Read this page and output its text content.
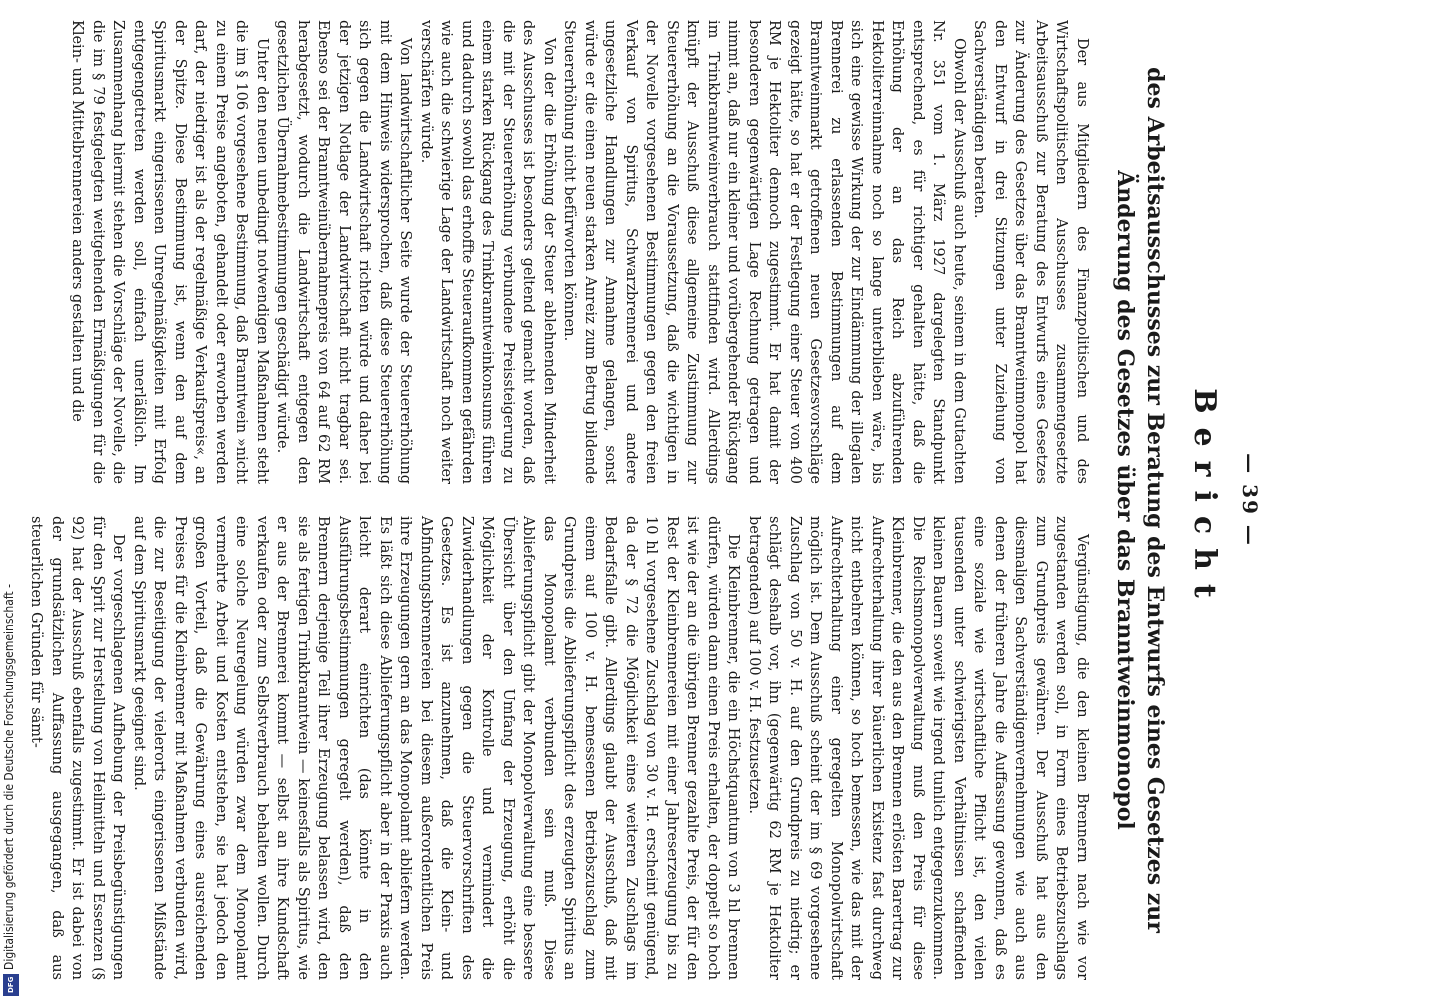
Digitalisierung gefördert durch die Deutsche Forschungsgemeinschaft -
DFG
— 39 —
Bericht
des Arbeitsausschusses zur Beratung des Entwurfs eines Gesetzes zur Änderung des Gesetzes über das Branntweinmonopol

Der aus Mitgliedern des Finanzpolitischen und des Wirtschaftspolitischen Ausschusses zusammengesetzte Arbeitsausschuß zur Beratung des Entwurfs eines Gesetzes zur Änderung des Gesetzes über das Branntweinmonopol hat den Entwurf in drei Sitzungen unter Zuziehung von Sachverständigen beraten.

Obwohl der Ausschuß auch heute, seinem in dem Gutachten Nr. 351 vom 1. März 1927 dargelegten Standpunkt entsprechend, es für richtiger gehalten hätte, daß die Erhöhung der an das Reich abzuführenden Hektoliterreinnahme noch so lange unterblieben wäre, bis sich eine gewisse Wirkung der zur Eindämmung der illegalen Brennerei zu erlassenden Bestimmungen auf dem Branntweinmarkt getroffenen neuen Gesetzesvorschläge gezeigt hätte, so hat er der Festlegung einer Steuer von 400 RM je Hektoliter dennoch zugestimmt. Er hat damit der besonderen gegenwärtigen Lage Rechnung getragen und nimmt an, daß nur ein kleiner und vorübergehender Rückgang im Trinkbranntweinverbrauch stattfinden wird. Allerdings knüpft der Ausschuß diese allgemeine Zustimmung zur Steuererhöhung an die Voraussetzung, daß die wichtigen in der Novelle vorgesehenen Bestimmungen gegen den freien Verkauf von Spiritus, Schwarzbrennerei und andere ungesetzliche Handlungen zur Annahme gelangen, sonst würde er die einen neuen starken Anreiz zum Betrug bildende Steuererhöhung nicht befürworten können.

Von der die Erhöhung der Steuer ablehnenden Minderheit des Ausschusses ist besonders geltend gemacht worden, daß die mit der Steuererhöhung verbundene Preissteigerung zu einem starken Rückgang des Trinkbranntweinkonsums führen und dadurch sowohl das erhoffte Steueraufkommen gefährden wie auch die schwierige Lage der Landwirtschaft noch weiter verschärfen würde.

Von landwirtschaftlicher Seite wurde der Steuererhöhung mit dem Hinweis widersprochen, daß diese Steuererhöhung sich gegen die Landwirtschaft richten würde und daher bei der jetzigen Notlage der Landwirtschaft nicht tragbar sei. Ebenso sei der Branntweinübernahmepreis von 64 auf 62 RM herabgesetzt, wodurch die Landwirtschaft entgegen den gesetzlichen Übernahmebestimmungen geschädigt würde.

Unter den neuen unbedingt notwendigen Maßnahmen steht die im § 106 vorgesehene Bestimmung, daß Branntwein »nicht zu einem Preise angeboten, gehandelt oder erworben werden darf, der niedriger ist als der regelmäßige Verkaufspreis«, an der Spitze. Diese Bestimmung ist, wenn den auf dem Spiritusmarkt eingerissenen Unregelmäßigkeiten mit Erfolg entgegengetreten werden soll, einfach unerläßlich. Im Zusammenhang hiermit stehen die Vorschläge der Novelle, die die im § 79 festgelegten weitgehenden Ermäßigungen für die Klein- und Mittelbrennereien anders gestalten und die

Vergünstigung, die den kleinen Brennern nach wie vor zugestanden werden soll, in Form eines Betriebszuschlags zum Grundpreis gewähren. Der Ausschuß hat aus den diesmaligen Sachverständigenvernehmungen wie auch aus denen der früheren Jahre die Auffassung gewonnen, daß es eine soziale wie wirtschaftliche Pflicht ist, den vielen tausenden unter schwierigsten Verhältnissen schaffenden kleinen Bauern soweit wie irgend tunlich entgegenzukommen. Die Reichsmonopolverwaltung muß den Preis für diese Kleinbrenner, die den aus den Brennen erlösten Barertrag zur Aufrechterhaltung ihrer bäuerlichen Existenz fast durchweg nicht entbehren können, so hoch bemessen, wie das mit der Aufrechterhaltung einer geregelten Monopolwirtschaft möglich ist. Dem Ausschuß scheint der im § 69 vorgesehene Zuschlag von 50 v. H. auf den Grundpreis zu niedrig; er schlägt deshalb vor, ihn (gegenwärtig 62 RM je Hektoliter betragenden) auf 100 v. H. festzusetzen.

Die Kleinbrenner, die ein Höchstquantum von 3 hl brennen dürfen, würden dann einen Preis erhalten, der doppelt so hoch ist wie der an die übrigen Brenner gezahlte Preis, der für den Rest der Kleinbrennereien mit einer Jahreserzeugung bis zu 10 hl vorgesehene Zuschlag von 30 v. H. erscheint genügend, da der § 72 die Möglichkeit eines weiteren Zuschlags im Bedarfsfalle gibt. Allerdings glaubt der Ausschuß, daß mit einem auf 100 v. H. bemessenen Betriebszuschlag zum Grundpreis die Ablieferungspflicht des erzeugten Spiritus an das Monopolamt verbunden sein muß. Diese Ablieferungspflicht gibt der Monopolverwaltung eine bessere Übersicht über den Umfang der Erzeugung, erhöht die Möglichkeit der Kontrolle und vermindert die Zuwiderhandlungen gegen die Steuervorschriften des Gesetzes. Es ist anzunehmen, daß die Klein- und Abfindungsbrennereien bei diesem außerordentlichen Preis ihre Erzeugungen gern an das Monopolamt abliefern werden. Es läßt sich diese Ablieferungspflicht aber in der Praxis auch leicht derart einrichten (das könnte in den Ausführungsbestimmungen geregelt werden), daß den Brennern derjenige Teil ihrer Erzeugung belassen wird, den sie als fertigen Trinkbranntwein — keinesfalls als Spiritus, wie er aus der Brennerei kommt — selbst an ihre Kundschaft verkaufen oder zum Selbstverbrauch behalten wollen. Durch eine solche Neuregelung würden zwar dem Monopolamt vermehrte Arbeit und Kosten entstehen, sie hat jedoch den großen Vorteil, daß die Gewährung eines ausreichenden Preises für die Kleinbrenner mit Maßnahmen verbunden wird, die zur Beseitigung der vielerorts eingerissenen Mißstände auf dem Spiritusmarkt geeignet sind.

Der vorgeschlagenen Aufhebung der Preisbegünstigungen für den Sprit zur Herstellung von Heilmitteln und Essenzen (§ 92) hat der Ausschuß ebenfalls zugestimmt. Er ist dabei von der grundsätzlichen Auffassung ausgegangen, daß aus steuerlichen Gründen für sämt-
